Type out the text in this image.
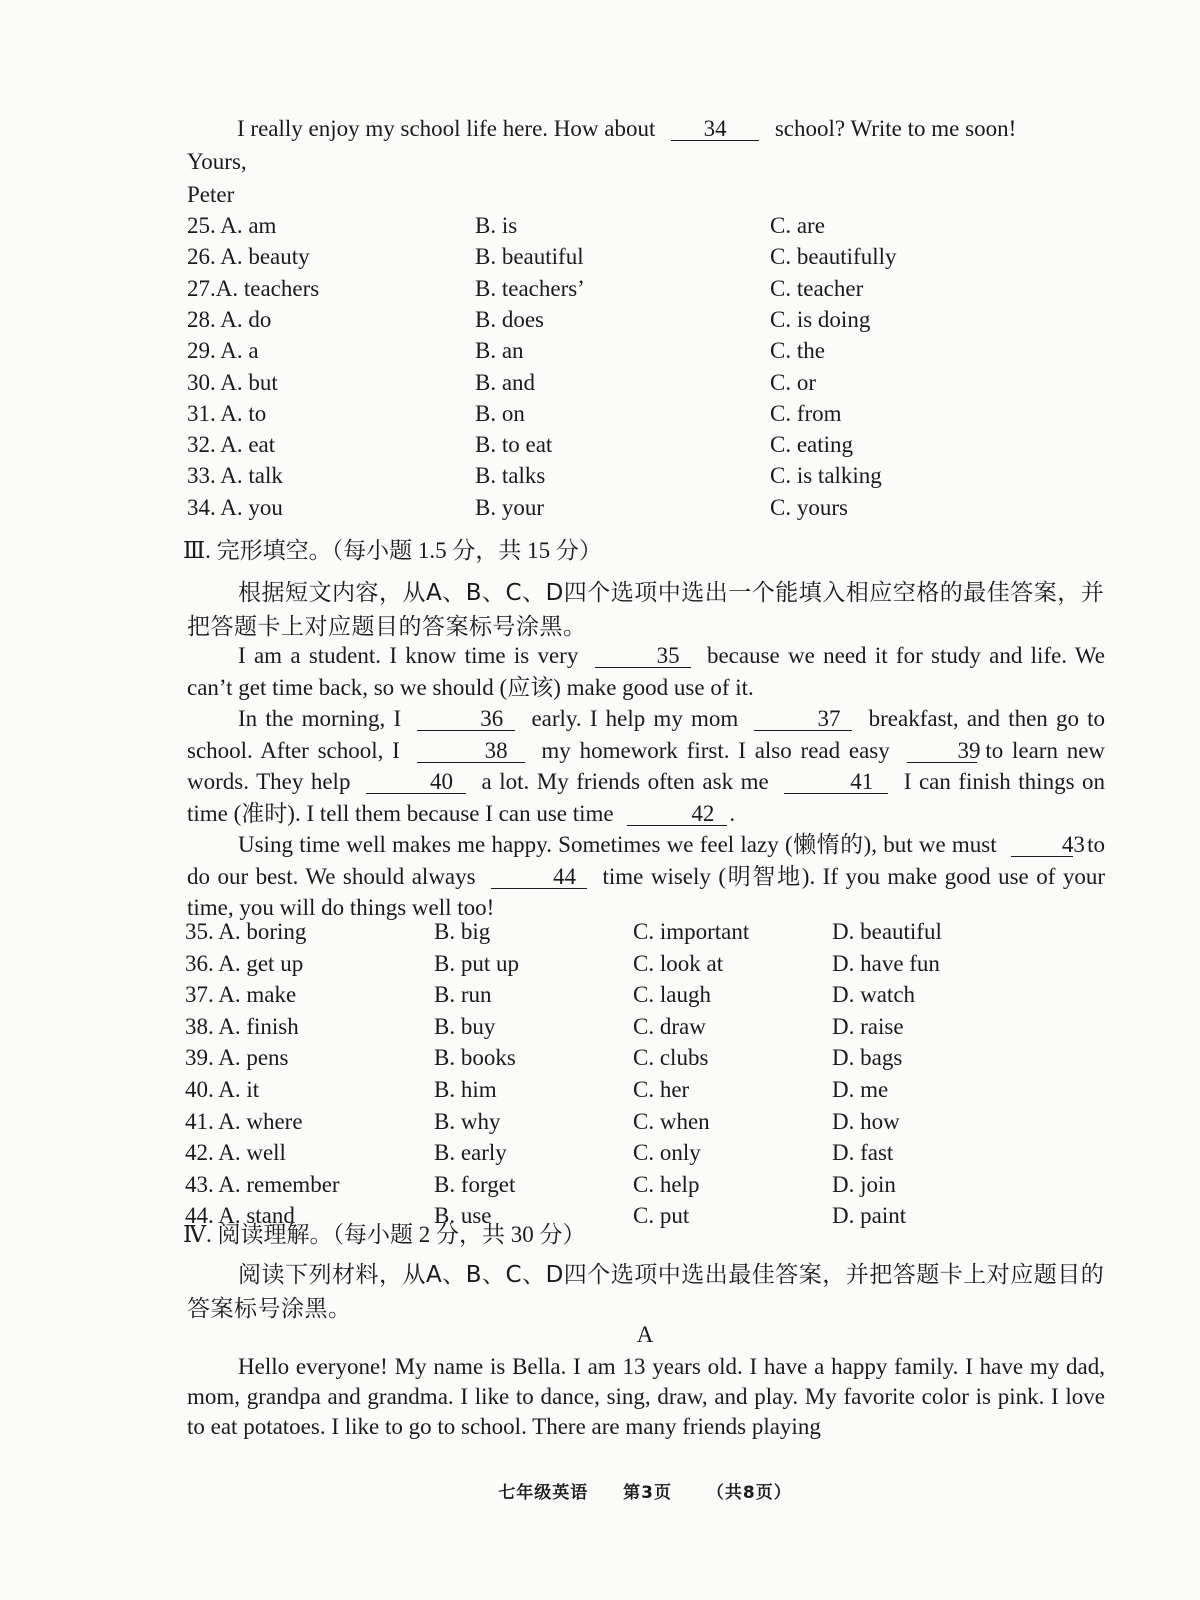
I really enjoy my school life here. How about 34 school? Write to me soon!
Yours,
Peter
25. A. am	B. is	C. are
26. A. beauty	B. beautiful	C. beautifully
27.A. teachers	B. teachers’	C. teacher
28. A. do	B. does	C. is doing
29. A. a	B. an	C. the
30. A. but	B. and	C. or
31. A. to	B. on	C. from
32. A. eat	B. to eat	C. eating
33. A. talk	B. talks	C. is talking
34. A. you	B. your	C. yours
Ⅲ. 完形填空。（每小题 1.5 分，共 15 分）
根据短文内容，从A、B、C、D四个选项中选出一个能填入相应空格的最佳答案，并把答题卡上对应题目的答案标号涂黑。
I am a student. I know time is very	35 because we need it for study and life. We can’t get time back, so we should (应该) make good use of it.
In the morning, I	36 early. I help my mom	37 breakfast, and then go to school. After school, I	38 my homework first. I also read easy	39 to learn new words. They help	40 a lot. My friends often ask me	41 I can finish things on time (准时). I tell them because I can use time	42 .
Using time well makes me happy. Sometimes we feel lazy (懒惰的), but we must	43 to do our best. We should always	44 time wisely (明智地). If you make good use of your time, you will do things well too!
35. A. boring	B. big	C. important	D. beautiful
36. A. get up	B. put up	C. look at	D. have fun
37. A. make	B. run	C. laugh	D. watch
38. A. finish	B. buy	C. draw	D. raise
39. A. pens	B. books	C. clubs	D. bags
40. A. it	B. him	C. her	D. me
41. A. where	B. why	C. when	D. how
42. A. well	B. early	C. only	D. fast
43. A. remember	B. forget	C. help	D. join
44. A. stand	B. use	C. put	D. paint
Ⅳ. 阅读理解。（每小题 2 分，共 30 分）
阅读下列材料，从A、B、C、D四个选项中选出最佳答案，并把答题卡上对应题目的答案标号涂黑。
A
Hello everyone! My name is Bella. I am 13 years old. I have a happy family. I have my dad, mom, grandpa and grandma. I like to dance, sing, draw, and play. My favorite color is pink. I love to eat potatoes. I like to go to school. There are many friends playing
七年级英语 第3页 （共8页）
